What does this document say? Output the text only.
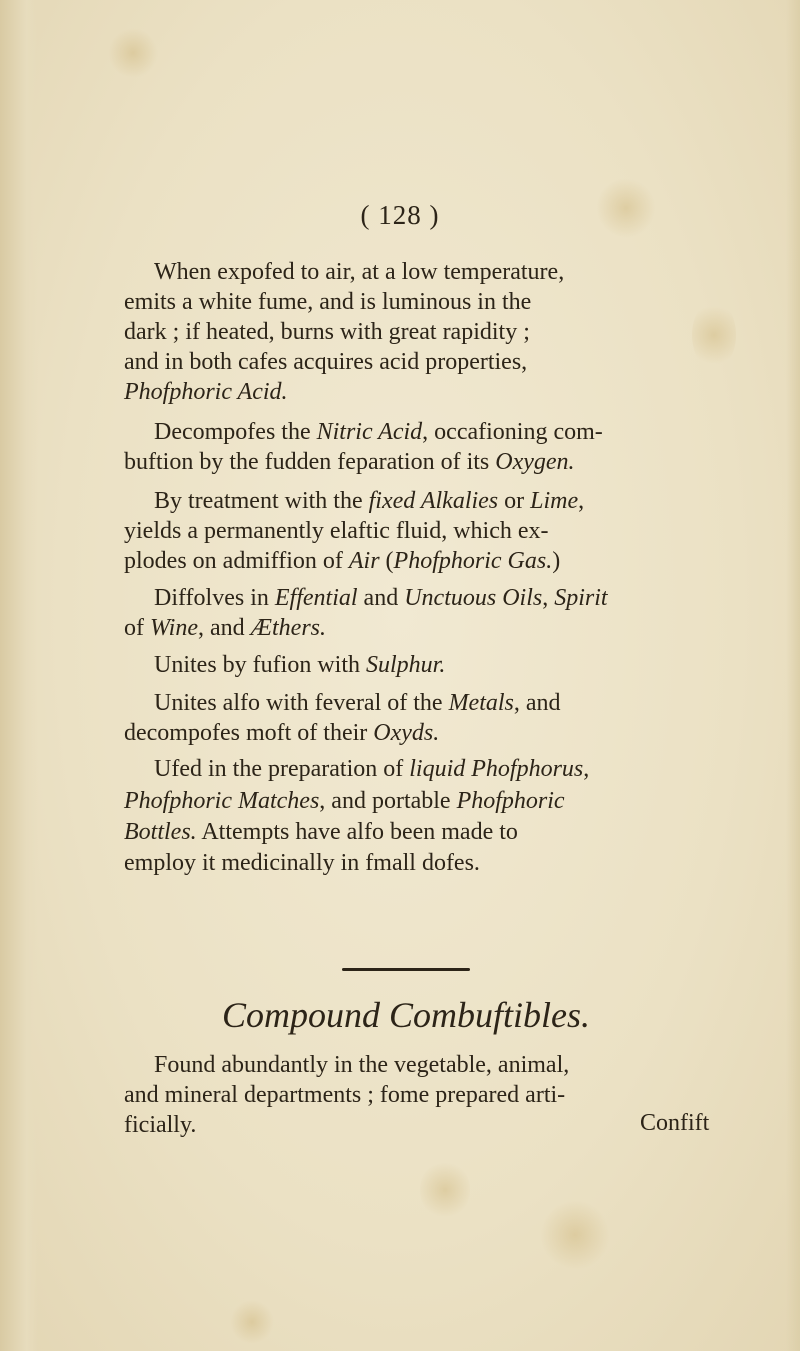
( 128 )
When expofed to air, at a low temperature,
emits a white fume, and is luminous in the
dark ; if heated, burns with great rapidity ;
and in both cafes acquires acid properties,
Phofphoric Acid.
Decompofes the Nitric Acid, occafioning com-
buftion by the fudden feparation of its Oxygen.
By treatment with the fixed Alkalies or Lime,
yields a permanently elaftic fluid, which ex-
plodes on admiffion of Air (Phofphoric Gas.)
Diffolves in Effential and Unctuous Oils, Spirit
of Wine, and Æthers.
Unites by fufion with Sulphur.
Unites alfo with feveral of the Metals, and
decompofes moft of their Oxyds.
Ufed in the preparation of liquid Phofphorus,
Phofphoric Matches, and portable Phofphoric
Bottles. Attempts have alfo been made to
employ it medicinally in fmall dofes.
Compound Combuftibles.
Found abundantly in the vegetable, animal,
and mineral departments ; fome prepared arti-
ficially.	Confift
